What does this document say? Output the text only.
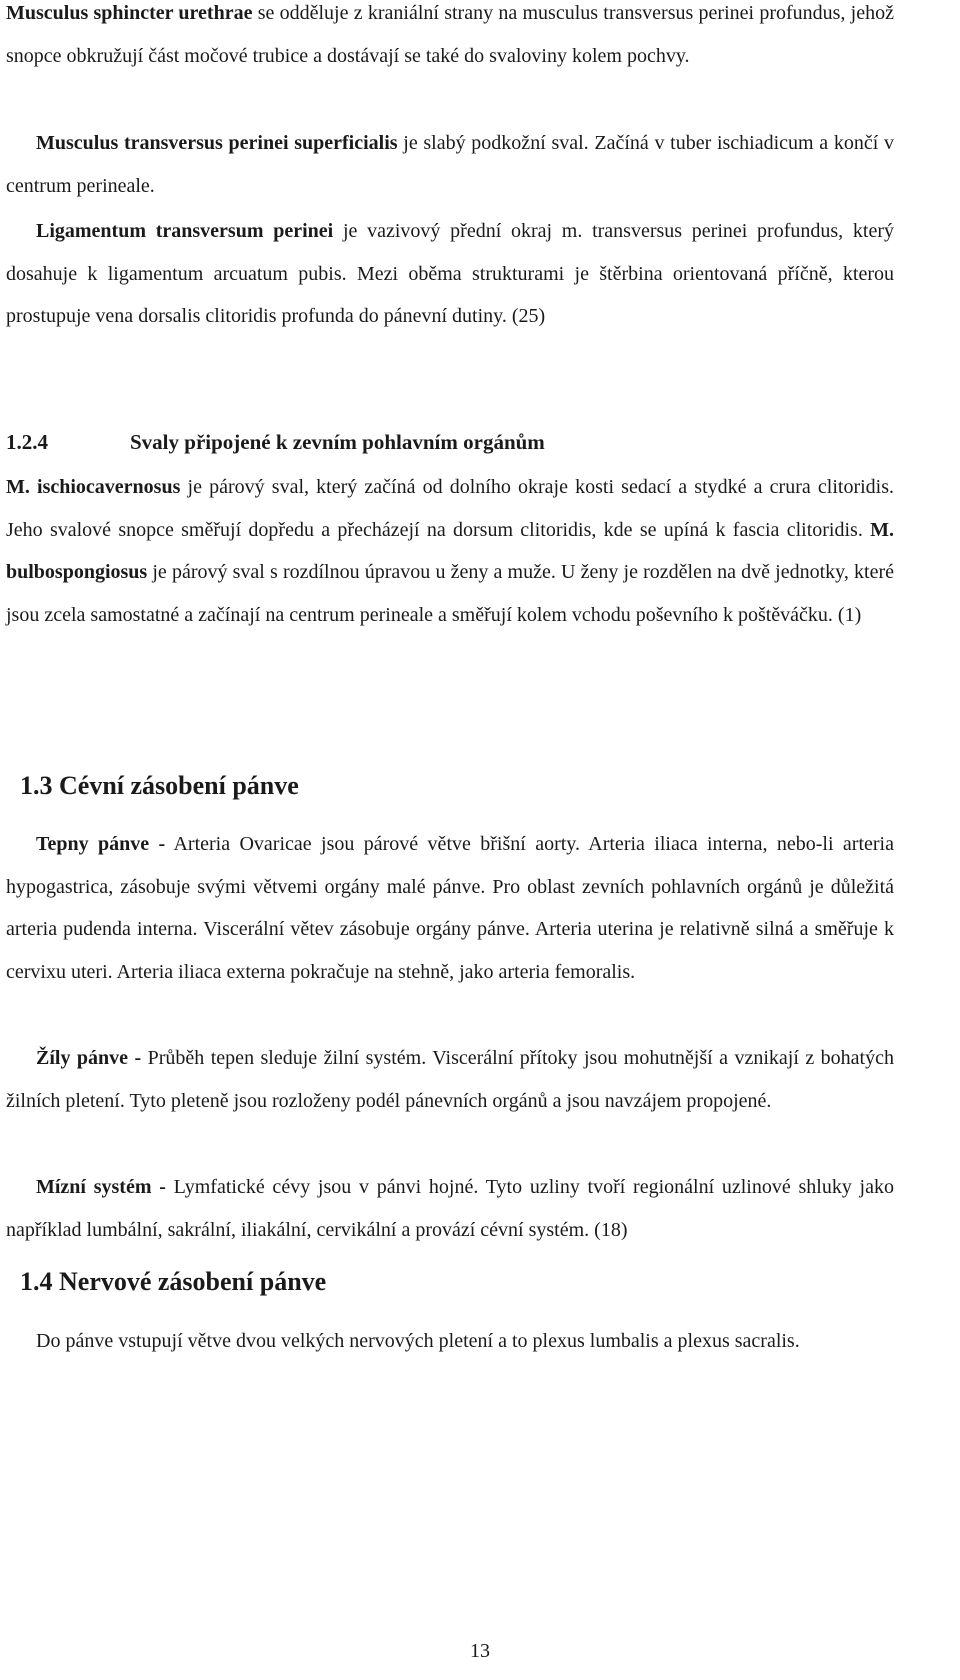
Musculus sphincter urethrae se odděluje z kraniální strany na musculus transversus perinei profundus, jehož snopce obkružují část močové trubice a dostávají se také do svaloviny kolem pochvy.

Musculus transversus perinei superficialis je slabý podkožní sval. Začíná v tuber ischiadicum a končí v centrum perineale.

Ligamentum transversum perinei je vazivový přední okraj m. transversus perinei profundus, který dosahuje k ligamentum arcuatum pubis. Mezi oběma strukturami je štěrbina orientovaná příčně, kterou prostupuje vena dorsalis clitoridis profunda do pánevní dutiny. (25)

1.2.4	Svaly připojené k zevním pohlavním orgánům

M. ischiocavernosus je párový sval, který začíná od dolního okraje kosti sedací a stydké a crura clitoridis. Jeho svalové snopce směřují dopředu a přecházejí na dorsum clitoridis, kde se upíná k fascia clitoridis. M. bulbospongiosus je párový sval s rozdílnou úpravou u ženy a muže. U ženy je rozdělen na dvě jednotky, které jsou zcela samostatné a začínají na centrum perineale a směřují kolem vchodu poševního k poštěváčku. (1)

1.3 Cévní zásobení pánve

Tepny pánve - Arteria Ovaricae jsou párové větve břišní aorty. Arteria iliaca interna, nebo-li arteria hypogastrica, zásobuje svými větvemi orgány malé pánve. Pro oblast zevních pohlavních orgánů je důležitá arteria pudenda interna. Viscerální větev zásobuje orgány pánve. Arteria uterina je relativně silná a směřuje k cervixu uteri. Arteria iliaca externa pokračuje na stehně, jako arteria femoralis.

Žíly pánve - Průběh tepen sleduje žilní systém. Viscerální přítoky jsou mohutnější a vznikají z bohatých žilních pletení. Tyto pleteně jsou rozloženy podél pánevních orgánů a jsou navzájem propojené.

Mízní systém - Lymfatické cévy jsou v pánvi hojné. Tyto uzliny tvoří regionální uzlinové shluky jako například lumbální, sakrální, iliakální, cervikální a provází cévní systém. (18)

1.4 Nervové zásobení pánve

Do pánve vstupují větve dvou velkých nervových pletení a to plexus lumbalis a plexus sacralis.

13
